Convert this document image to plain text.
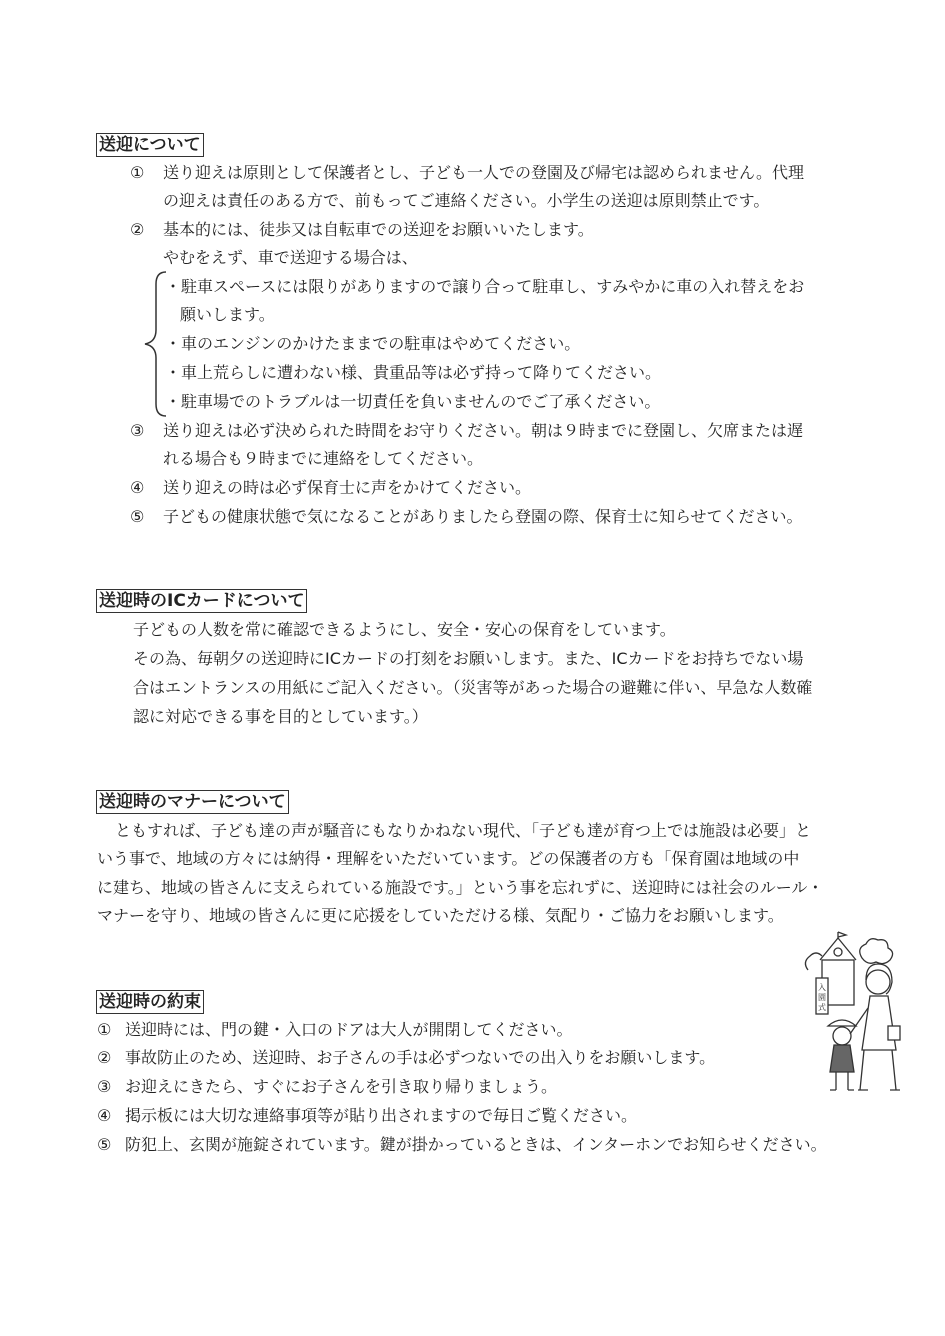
送迎について
① 送り迎えは原則として保護者とし、子ども一人での登園及び帰宅は認められません。代理
の迎えは責任のある方で、前もってご連絡ください。小学生の送迎は原則禁止です。
② 基本的には、徒歩又は自転車での送迎をお願いいたします。
やむをえず、車で送迎する場合は、
・駐車スペースには限りがありますので譲り合って駐車し、すみやかに車の入れ替えをお
願いします。
・車のエンジンのかけたままでの駐車はやめてください。
・車上荒らしに遭わない様、貴重品等は必ず持って降りてください。
・駐車場でのトラブルは一切責任を負いませんのでご了承ください。
③ 送り迎えは必ず決められた時間をお守りください。朝は９時までに登園し、欠席または遅
れる場合も９時までに連絡をしてください。
④ 送り迎えの時は必ず保育士に声をかけてください。
⑤ 子どもの健康状態で気になることがありましたら登園の際、保育士に知らせてください。
送迎時のICカードについて
子どもの人数を常に確認できるようにし、安全・安心の保育をしています。
その為、毎朝夕の送迎時にICカードの打刻をお願いします。また、ICカードをお持ちでない場
合はエントランスの用紙にご記入ください。（災害等があった場合の避難に伴い、早急な人数確
認に対応できる事を目的としています。）
送迎時のマナーについて
ともすれば、子ども達の声が騒音にもなりかねない現代、「子ども達が育つ上では施設は必要」と
いう事で、地域の方々には納得・理解をいただいています。どの保護者の方も「保育園は地域の中
に建ち、地域の皆さんに支えられている施設です。」という事を忘れずに、送迎時には社会のルール・
マナーを守り、地域の皆さんに更に応援をしていただける様、気配り・ご協力をお願いします。
送迎時の約束
① 送迎時には、門の鍵・入口のドアは大人が開閉してください。
② 事故防止のため、送迎時、お子さんの手は必ずつないでの出入りをお願いします。
③ お迎えにきたら、すぐにお子さんを引き取り帰りましょう。
④ 掲示板には大切な連絡事項等が貼り出されますので毎日ご覧ください。
⑤ 防犯上、玄関が施錠されています。鍵が掛かっているときは、インターホンでお知らせください。
入
園
式
